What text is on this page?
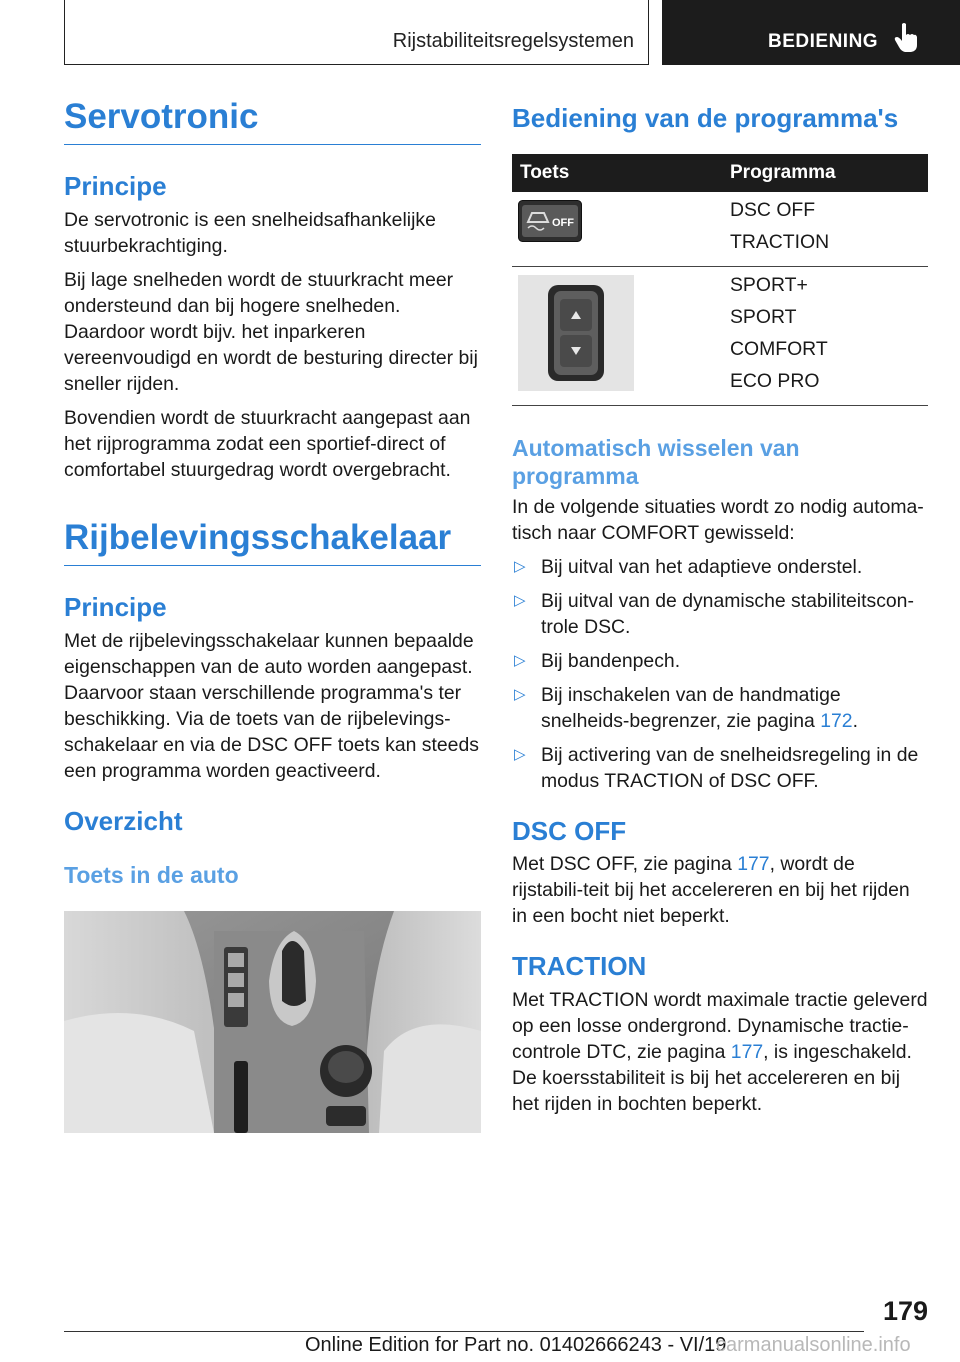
Rijstabiliteitsregelsystemen	BEDIENING
Servotronic
Principe

De servotronic is een snelheidsafhankelijke stuurbekrachtiging.

Bij lage snelheden wordt de stuurkracht meer ondersteund dan bij hogere snelheden. Daardoor wordt bijv. het inparkeren vereenvoudigd en wordt de besturing directer bij sneller rijden.

Bovendien wordt de stuurkracht aangepast aan het rijprogramma zodat een sportief-direct of comfortabel stuurgedrag wordt overgebracht.

Rijbelevingsschakelaar
Principe

Met de rijbelevingsschakelaar kunnen bepaalde eigenschappen van de auto worden aangepast. Daarvoor staan verschillende programma's ter beschikking. Via de toets van de rijbelevings-schakelaar en via de DSC OFF toets kan steeds een programma worden geactiveerd.

Overzicht
Toets in de auto
Bediening van de programma's
Toets	Programma

OFF	DSC OFF
TRACTION

SPORT+
SPORT
COMFORT
ECO PRO
Automatisch wisselen van programma

In de volgende situaties wordt zo nodig automa-tisch naar COMFORT gewisseld:

▷ Bij uitval van het adaptieve onderstel.
▷ Bij uitval van de dynamische stabiliteitscon-trole DSC.
▷ Bij bandenpech.
▷ Bij inschakelen van de handmatige snelheids-begrenzer, zie pagina 172.
▷ Bij activering van de snelheidsregeling in de modus TRACTION of DSC OFF.
DSC OFF

Met DSC OFF, zie pagina 177, wordt de rijstabili-teit bij het accelereren en bij het rijden in een bocht niet beperkt.

TRACTION

Met TRACTION wordt maximale tractie geleverd op een losse ondergrond. Dynamische tractie-controle DTC, zie pagina 177, is ingeschakeld. De koersstabiliteit is bij het accelereren en bij het rijden in bochten beperkt.

179
Online Edition for Part no. 01402666243 - VI/19
carmanualsonline.info
